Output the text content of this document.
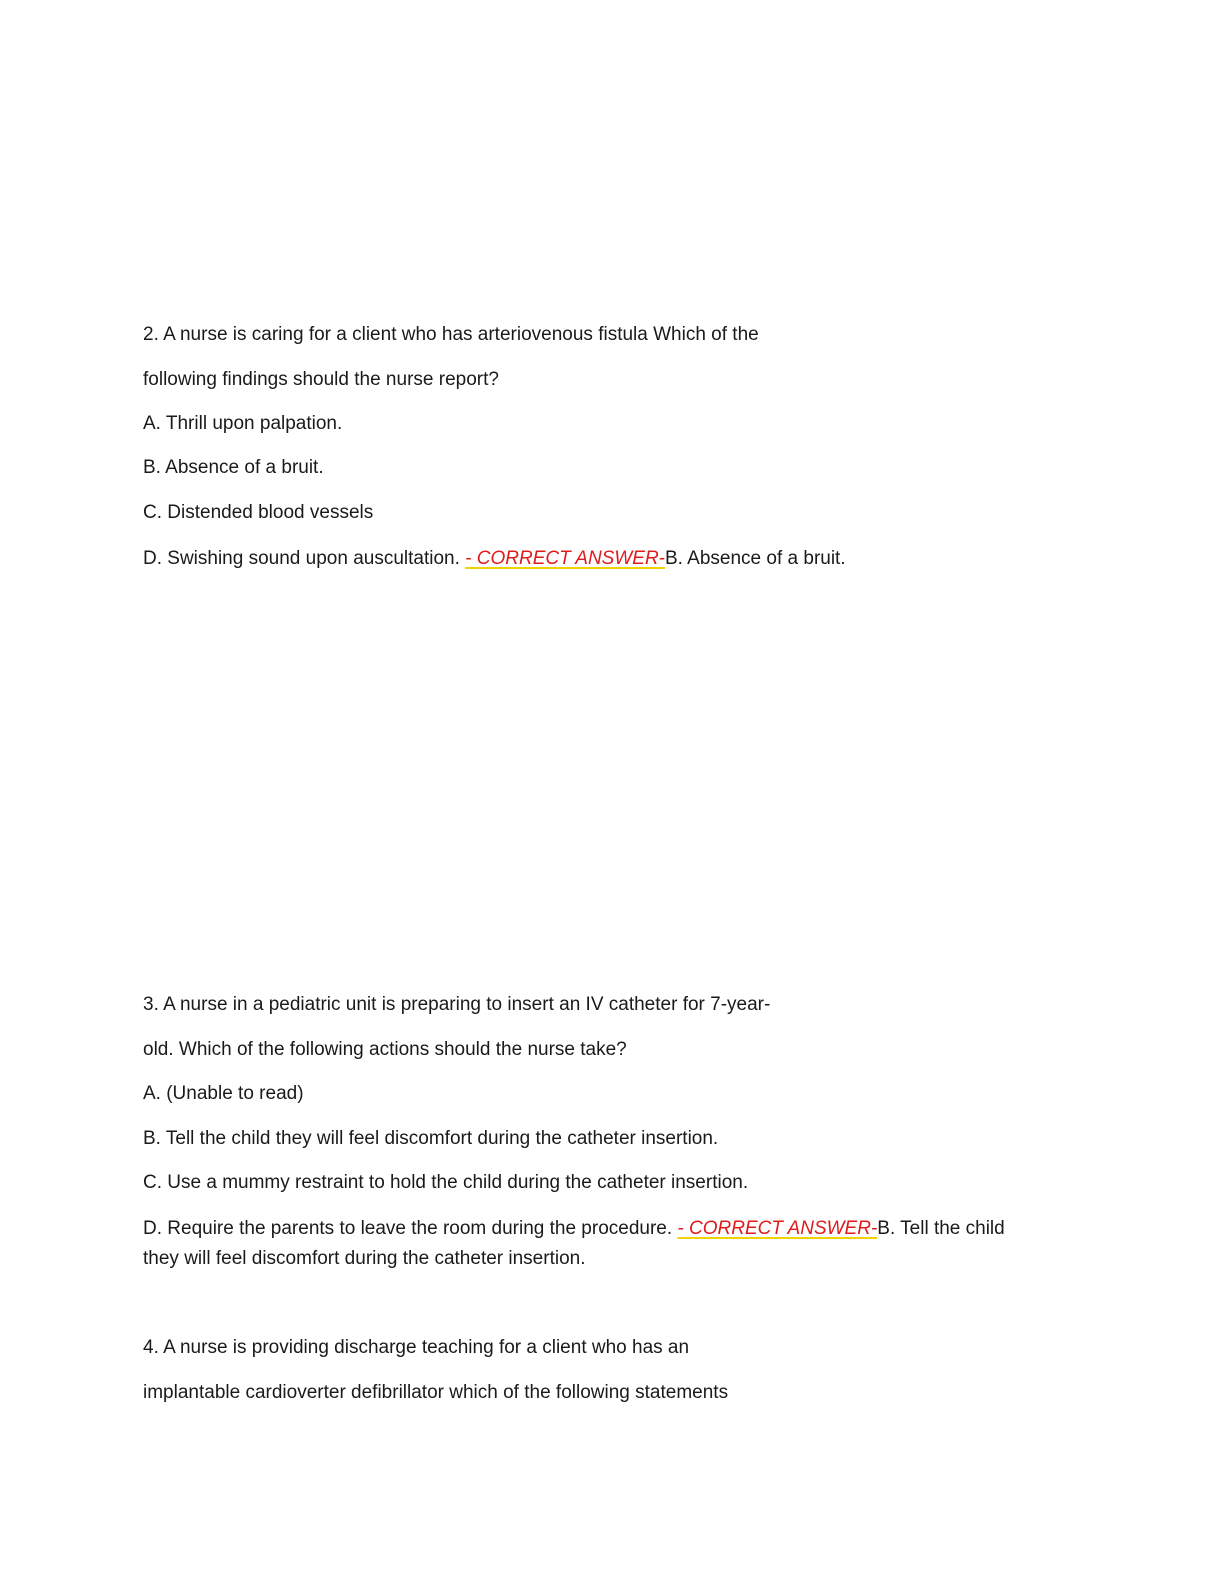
2. A nurse is caring for a client who has arteriovenous fistula Which of the
following findings should the nurse report?
A. Thrill upon palpation.
B. Absence of a bruit.
C. Distended blood vessels
D. Swishing sound upon auscultation. - CORRECT ANSWER-B. Absence of a bruit.
3. A nurse in a pediatric unit is preparing to insert an IV catheter for 7-year-
old. Which of the following actions should the nurse take?
A. (Unable to read)
B. Tell the child they will feel discomfort during the catheter insertion.
C. Use a mummy restraint to hold the child during the catheter insertion.
D. Require the parents to leave the room during the procedure. - CORRECT ANSWER-B. Tell the child
they will feel discomfort during the catheter insertion.
4. A nurse is providing discharge teaching for a client who has an
implantable cardioverter defibrillator which of the following statements
